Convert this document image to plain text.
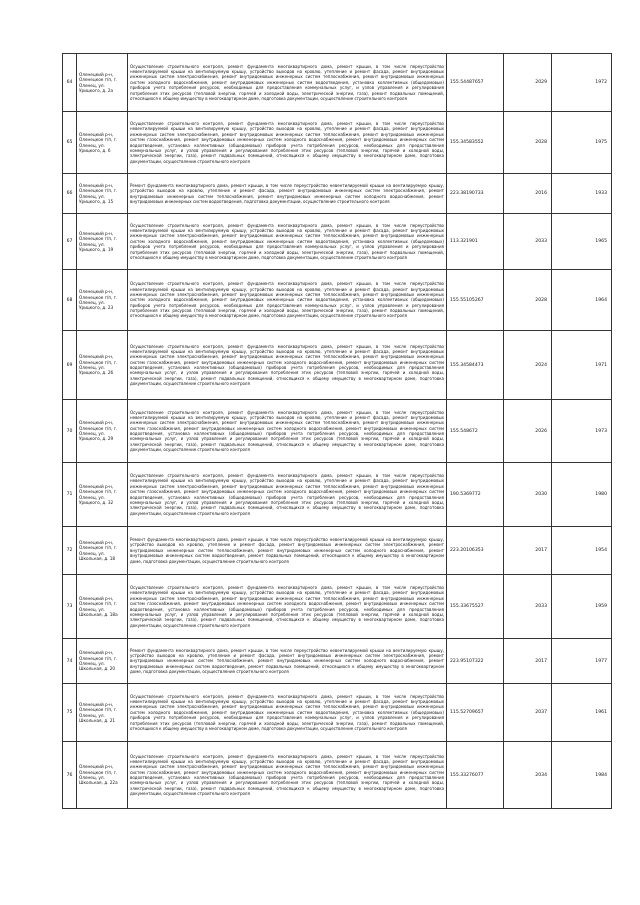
64	Оленецкий р-н, Оленецкое г/п, г. Оленец, ул. Урицкого, д. 2а	Осуществление строительного контроля, ремонт фундамента многоквартирного дома, ремонт крыши, в том числе переустройство невентилируемой крыши на вентилируемую крышу, устройство выходов на кровлю, утепление и ремонт фасада, ремонт внутридомовых инженерных систем электроснабжения, ремонт внутридомовых инженерных систем теплоснабжения, ремонт внутридомовых инженерных систем холодного водоснабжения, ремонт внутридомовых инженерных систем водоотведения, установка коллективных (общедомовых) приборов учета потребления ресурсов, необходимых для предоставления коммунальных услуг, и узлов управления и регулирования потребления этих ресурсов (тепловой энергии, горячей и холодной воды, электрической энергии, газа), ремонт подвальных помещений, относящихся к общему имуществу в многоквартирном доме, подготовка документации, осуществление строительного контроля	155.54487657	2029	1972
65	Оленецкий р-н, Оленецкое г/п, г. Оленец, ул. Урицкого, д. 6	Осуществление строительного контроля, ремонт фундамента многоквартирного дома, ремонт крыши, в том числе переустройство невентилируемой крыши на вентилируемую крышу, устройство выходов на кровлю, утепление и ремонт фасада, ремонт внутридомовых инженерных систем электроснабжения, ремонт внутридомовых инженерных систем теплоснабжения, ремонт внутридомовых инженерных систем газоснабжения, ремонт внутридомовых инженерных систем холодного водоснабжения, ремонт внутридомовых инженерных систем водоотведения, установка коллективных (общедомовых) приборов учета потребления ресурсов, необходимых для предоставления коммунальных услуг, и узлов управления и регулирования потребления этих ресурсов (тепловой энергии, горячей и холодной воды, электрической энергии, газа), ремонт подвальных помещений, относящихся к общему имуществу в многоквартирном доме, подготовка документации, осуществление строительного контроля	155.34583552	2028	1975
66	Оленецкий р-н, Оленецкое г/п, г. Оленец, ул. Урицкого, д. 15	Ремонт фундамента многоквартирного дома, ремонт крыши, в том числе переустройство невентилируемой крыши на вентилируемую крышу, устройство выходов на кровлю, утепление и ремонт фасада, ремонт внутридомовых инженерных систем электроснабжения, ремонт внутридомовых инженерных систем теплоснабжения, ремонт внутридомовых инженерных систем холодного водоснабжения, ремонт внутридомовых инженерных систем водоотведения, подготовка документации, осуществление строительного контроля	223.38190733	2016	1933
67	Оленецкий р-н, Оленецкое г/п, г. Оленец, ул. Урицкого, д. 19	Осуществление строительного контроля, ремонт фундамента многоквартирного дома, ремонт крыши, в том числе переустройство невентилируемой крыши на вентилируемую крышу, устройство выходов на кровлю, утепление и ремонт фасада, ремонт внутридомовых инженерных систем электроснабжения, ремонт внутридомовых инженерных систем теплоснабжения, ремонт внутридомовых инженерных систем холодного водоснабжения, ремонт внутридомовых инженерных систем водоотведения, установка коллективных (общедомовых) приборов учета потребления ресурсов, необходимых для предоставления коммунальных услуг, и узлов управления и регулирования потребления этих ресурсов (тепловой энергии, горячей и холодной воды, электрической энергии, газа), ремонт подвальных помещений, относящихся к общему имуществу в многоквартирном доме, подготовка документации, осуществление строительного контроля	113.321901	2033	1965
68	Оленецкий р-н, Оленецкое г/п, г. Оленец, ул. Урицкого, д. 23	Осуществление строительного контроля, ремонт фундамента многоквартирного дома, ремонт крыши, в том числе переустройство невентилируемой крыши на вентилируемую крышу, устройство выходов на кровлю, утепление и ремонт фасада, ремонт внутридомовых инженерных систем электроснабжения, ремонт внутридомовых инженерных систем теплоснабжения, ремонт внутридомовых инженерных систем холодного водоснабжения, ремонт внутридомовых инженерных систем водоотведения, установка коллективных (общедомовых) приборов учета потребления ресурсов, необходимых для предоставления коммунальных услуг, и узлов управления и регулирования потребления этих ресурсов (тепловой энергии, горячей и холодной воды, электрической энергии, газа), ремонт подвальных помещений, относящихся к общему имуществу в многоквартирном доме, подготовка документации, осуществление строительного контроля	155.55105267	2028	1964
69	Оленецкий р-н, Оленецкое г/п, г. Оленец, ул. Урицкого, д. 26	Осуществление строительного контроля, ремонт фундамента многоквартирного дома, ремонт крыши, в том числе переустройство невентилируемой крыши на вентилируемую крышу, устройство выходов на кровлю, утепление и ремонт фасада, ремонт внутридомовых инженерных систем электроснабжения, ремонт внутридомовых инженерных систем теплоснабжения, ремонт внутридомовых инженерных систем газоснабжения, ремонт внутридомовых инженерных систем холодного водоснабжения, ремонт внутридомовых инженерных систем водоотведения, установка коллективных (общедомовых) приборов учета потребления ресурсов, необходимых для предоставления коммунальных услуг, и узлов управления и регулирования потребления этих ресурсов (тепловой энергии, горячей и холодной воды, электрической энергии, газа), ремонт подвальных помещений, относящихся к общему имуществу в многоквартирном доме, подготовка документации, осуществление строительного контроля	155.34584473	2024	1971
70	Оленецкий р-н, Оленецкое г/п, г. Оленец, ул. Урицкого, д. 29	Осуществление строительного контроля, ремонт фундамента многоквартирного дома, ремонт крыши, в том числе переустройство невентилируемой крыши на вентилируемую крышу, устройство выходов на кровлю, утепление и ремонт фасада, ремонт внутридомовых инженерных систем электроснабжения, ремонт внутридомовых инженерных систем теплоснабжения, ремонт внутридомовых инженерных систем газоснабжения, ремонт внутридомовых инженерных систем холодного водоснабжения, ремонт внутридомовых инженерных систем водоотведения, установка коллективных (общедомовых) приборов учета потребления ресурсов, необходимых для предоставления коммунальных услуг, и узлов управления и регулирования потребления этих ресурсов (тепловой энергии, горячей и холодной воды, электрической энергии, газа), ремонт подвальных помещений, относящихся к общему имуществу в многоквартирном доме, подготовка документации, осуществление строительного контроля	155.548672	2026	1973
71	Оленецкий р-н, Оленецкое г/п, г. Оленец, ул. Урицкого, д. 32	Осуществление строительного контроля, ремонт фундамента многоквартирного дома, ремонт крыши, в том числе переустройство невентилируемой крыши на вентилируемую крышу, устройство выходов на кровлю, утепление и ремонт фасада, ремонт внутридомовых инженерных систем электроснабжения, ремонт внутридомовых инженерных систем теплоснабжения, ремонт внутридомовых инженерных систем газоснабжения, ремонт внутридомовых инженерных систем холодного водоснабжения, ремонт внутридомовых инженерных систем водоотведения, установка коллективных (общедомовых) приборов учета потребления ресурсов, необходимых для предоставления коммунальных услуг, и узлов управления и регулирования потребления этих ресурсов (тепловой энергии, горячей и холодной воды, электрической энергии, газа), ремонт подвальных помещений, относящихся к общему имуществу в многоквартирном доме, подготовка документации, осуществление строительного контроля	190.5369772	2030	1980
72	Оленецкий р-н, Оленецкое г/п, г. Оленец, ул. Школьная, д. 18	Ремонт фундамента многоквартирного дома, ремонт крыши, в том числе переустройство невентилируемой крыши на вентилируемую крышу, устройство выходов на кровлю, утепление и ремонт фасада, ремонт внутридомовых инженерных систем электроснабжения, ремонт внутридомовых инженерных систем теплоснабжения, ремонт внутридомовых инженерных систем холодного водоснабжения, ремонт внутридомовых инженерных систем водоотведения, ремонт подвальных помещений, относящихся к общему имуществу в многоквартирном доме, подготовка документации, осуществление строительного контроля	223.20106353	2017	1954
73	Оленецкий р-н, Оленецкое г/п, г. Оленец, ул. Школьная, д. 18а	Осуществление строительного контроля, ремонт фундамента многоквартирного дома, ремонт крыши, в том числе переустройство невентилируемой крыши на вентилируемую крышу, устройство выходов на кровлю, утепление и ремонт фасада, ремонт внутридомовых инженерных систем электроснабжения, ремонт внутридомовых инженерных систем теплоснабжения, ремонт внутридомовых инженерных систем газоснабжения, ремонт внутридомовых инженерных систем холодного водоснабжения, ремонт внутридомовых инженерных систем водоотведения, установка коллективных (общедомовых) приборов учета потребления ресурсов, необходимых для предоставления коммунальных услуг, и узлов управления и регулирования потребления этих ресурсов (тепловой энергии, горячей и холодной воды, электрической энергии, газа), ремонт подвальных помещений, относящихся к общему имуществу в многоквартирном доме, подготовка документации, осуществление строительного контроля	155.33675527	2033	1959
74	Оленецкий р-н, Оленецкое г/п, г. Оленец, ул. Школьная, д. 20	Ремонт фундамента многоквартирного дома, ремонт крыши, в том числе переустройство невентилируемой крыши на вентилируемую крышу, устройство выходов на кровлю, утепление и ремонт фасада, ремонт внутридомовых инженерных систем электроснабжения, ремонт внутридомовых инженерных систем теплоснабжения, ремонт внутридомовых инженерных систем холодного водоснабжения, ремонт внутридомовых инженерных систем водоотведения, ремонт подвальных помещений, относящихся к общему имуществу в многоквартирном доме, подготовка документации, осуществление строительного контроля	223.95107322	2017	1977
75	Оленецкий р-н, Оленецкое г/п, г. Оленец, ул. Школьная, д. 21	Осуществление строительного контроля, ремонт фундамента многоквартирного дома, ремонт крыши, в том числе переустройство невентилируемой крыши на вентилируемую крышу, устройство выходов на кровлю, утепление и ремонт фасада, ремонт внутридомовых инженерных систем электроснабжения, ремонт внутридомовых инженерных систем теплоснабжения, ремонт внутридомовых инженерных систем холодного водоснабжения, ремонт внутридомовых инженерных систем водоотведения, установка коллективных (общедомовых) приборов учета потребления ресурсов, необходимых для предоставления коммунальных услуг, и узлов управления и регулирования потребления этих ресурсов (тепловой энергии, горячей и холодной воды, электрической энергии, газа), ремонт подвальных помещений, относящихся к общему имуществу в многоквартирном доме, подготовка документации, осуществление строительного контроля	115.52709657	2037	1961
76	Оленецкий р-н, Оленецкое г/п, г. Оленец, ул. Школьная, д. 22а	Осуществление строительного контроля, ремонт фундамента многоквартирного дома, ремонт крыши, в том числе переустройство невентилируемой крыши на вентилируемую крышу, устройство выходов на кровлю, утепление и ремонт фасада, ремонт внутридомовых инженерных систем электроснабжения, ремонт внутридомовых инженерных систем теплоснабжения, ремонт внутридомовых инженерных систем газоснабжения, ремонт внутридомовых инженерных систем холодного водоснабжения, ремонт внутридомовых инженерных систем водоотведения, установка коллективных (общедомовых) приборов учета потребления ресурсов, необходимых для предоставления коммунальных услуг, и узлов управления и регулирования потребления этих ресурсов (тепловой энергии, горячей и холодной воды, электрической энергии, газа), ремонт подвальных помещений, относящихся к общему имуществу в многоквартирном доме, подготовка документации, осуществление строительного контроля	155.33276077	2034	1984
